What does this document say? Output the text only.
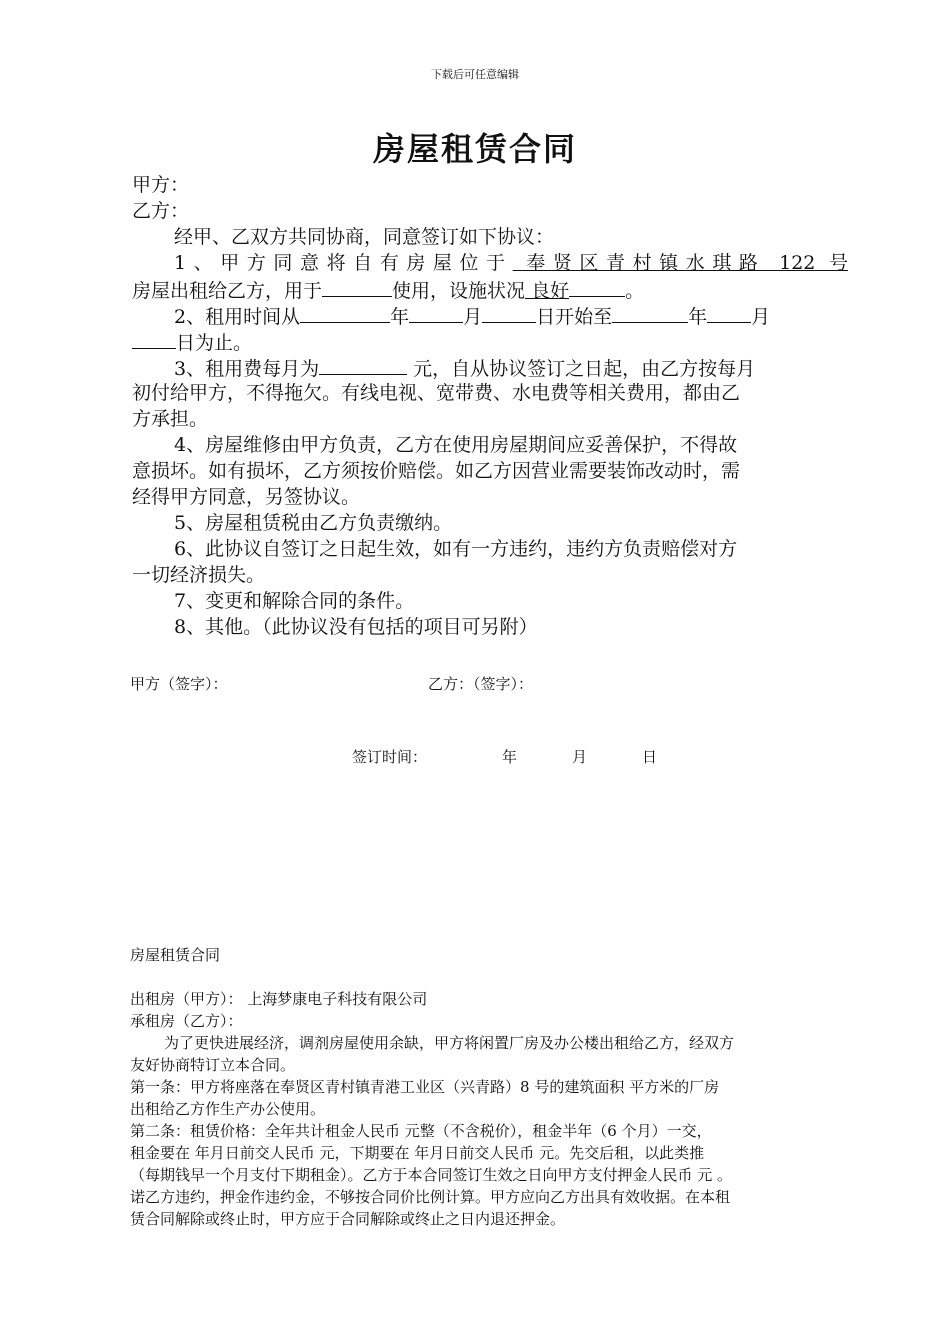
下载后可任意编辑
房屋租赁合同
甲方：
乙方：
经甲、乙双方共同协商，同意签订如下协议：
1、甲方同意将自有房屋位于 奉贤区青村镇水琪路 122 号
房屋出租给乙方，用于	使用，设施状况 良好	。
2、租用时间从	年	月	日开始至	年 月
日为止。
3、租用费每月为	元，自从协议签订之日起，由乙方按每月
初付给甲方，不得拖欠。有线电视、宽带费、水电费等相关费用，都由乙
方承担。
4、房屋维修由甲方负责，乙方在使用房屋期间应妥善保护，不得故
意损坏。如有损坏，乙方须按价赔偿。如乙方因营业需要装饰改动时，需
经得甲方同意，另签协议。
5、房屋租赁税由乙方负责缴纳。
6、此协议自签订之日起生效，如有一方违约，违约方负责赔偿对方
一切经济损失。
7、变更和解除合同的条件。
8、其他。（此协议没有包括的项目可另附）
甲方（签字）：	乙方：（签字）：
签订时间：	年	月	日
房屋租赁合同
出租房（甲方）： 上海梦康电子科技有限公司
承租房（乙方）：
为了更快进展经济，调剂房屋使用余缺，甲方将闲置厂房及办公楼出租给乙方，经双方
友好协商特订立本合同。
第一条：甲方将座落在奉贤区青村镇青港工业区（兴青路）8 号的建筑面积 平方米的厂房
出租给乙方作生产办公使用。
第二条：租赁价格：全年共计租金人民币 元整（不含税价），租金半年（6 个月）一交，
租金要在 年月日前交人民币 元，下期要在 年月日前交人民币 元。先交后租，以此类推
（每期钱早一个月支付下期租金）。乙方于本合同签订生效之日向甲方支付押金人民币 元 。
诺乙方违约，押金作违约金，不够按合同价比例计算。甲方应向乙方出具有效收据。在本租
赁合同解除或终止时，甲方应于合同解除或终止之日内退还押金。
